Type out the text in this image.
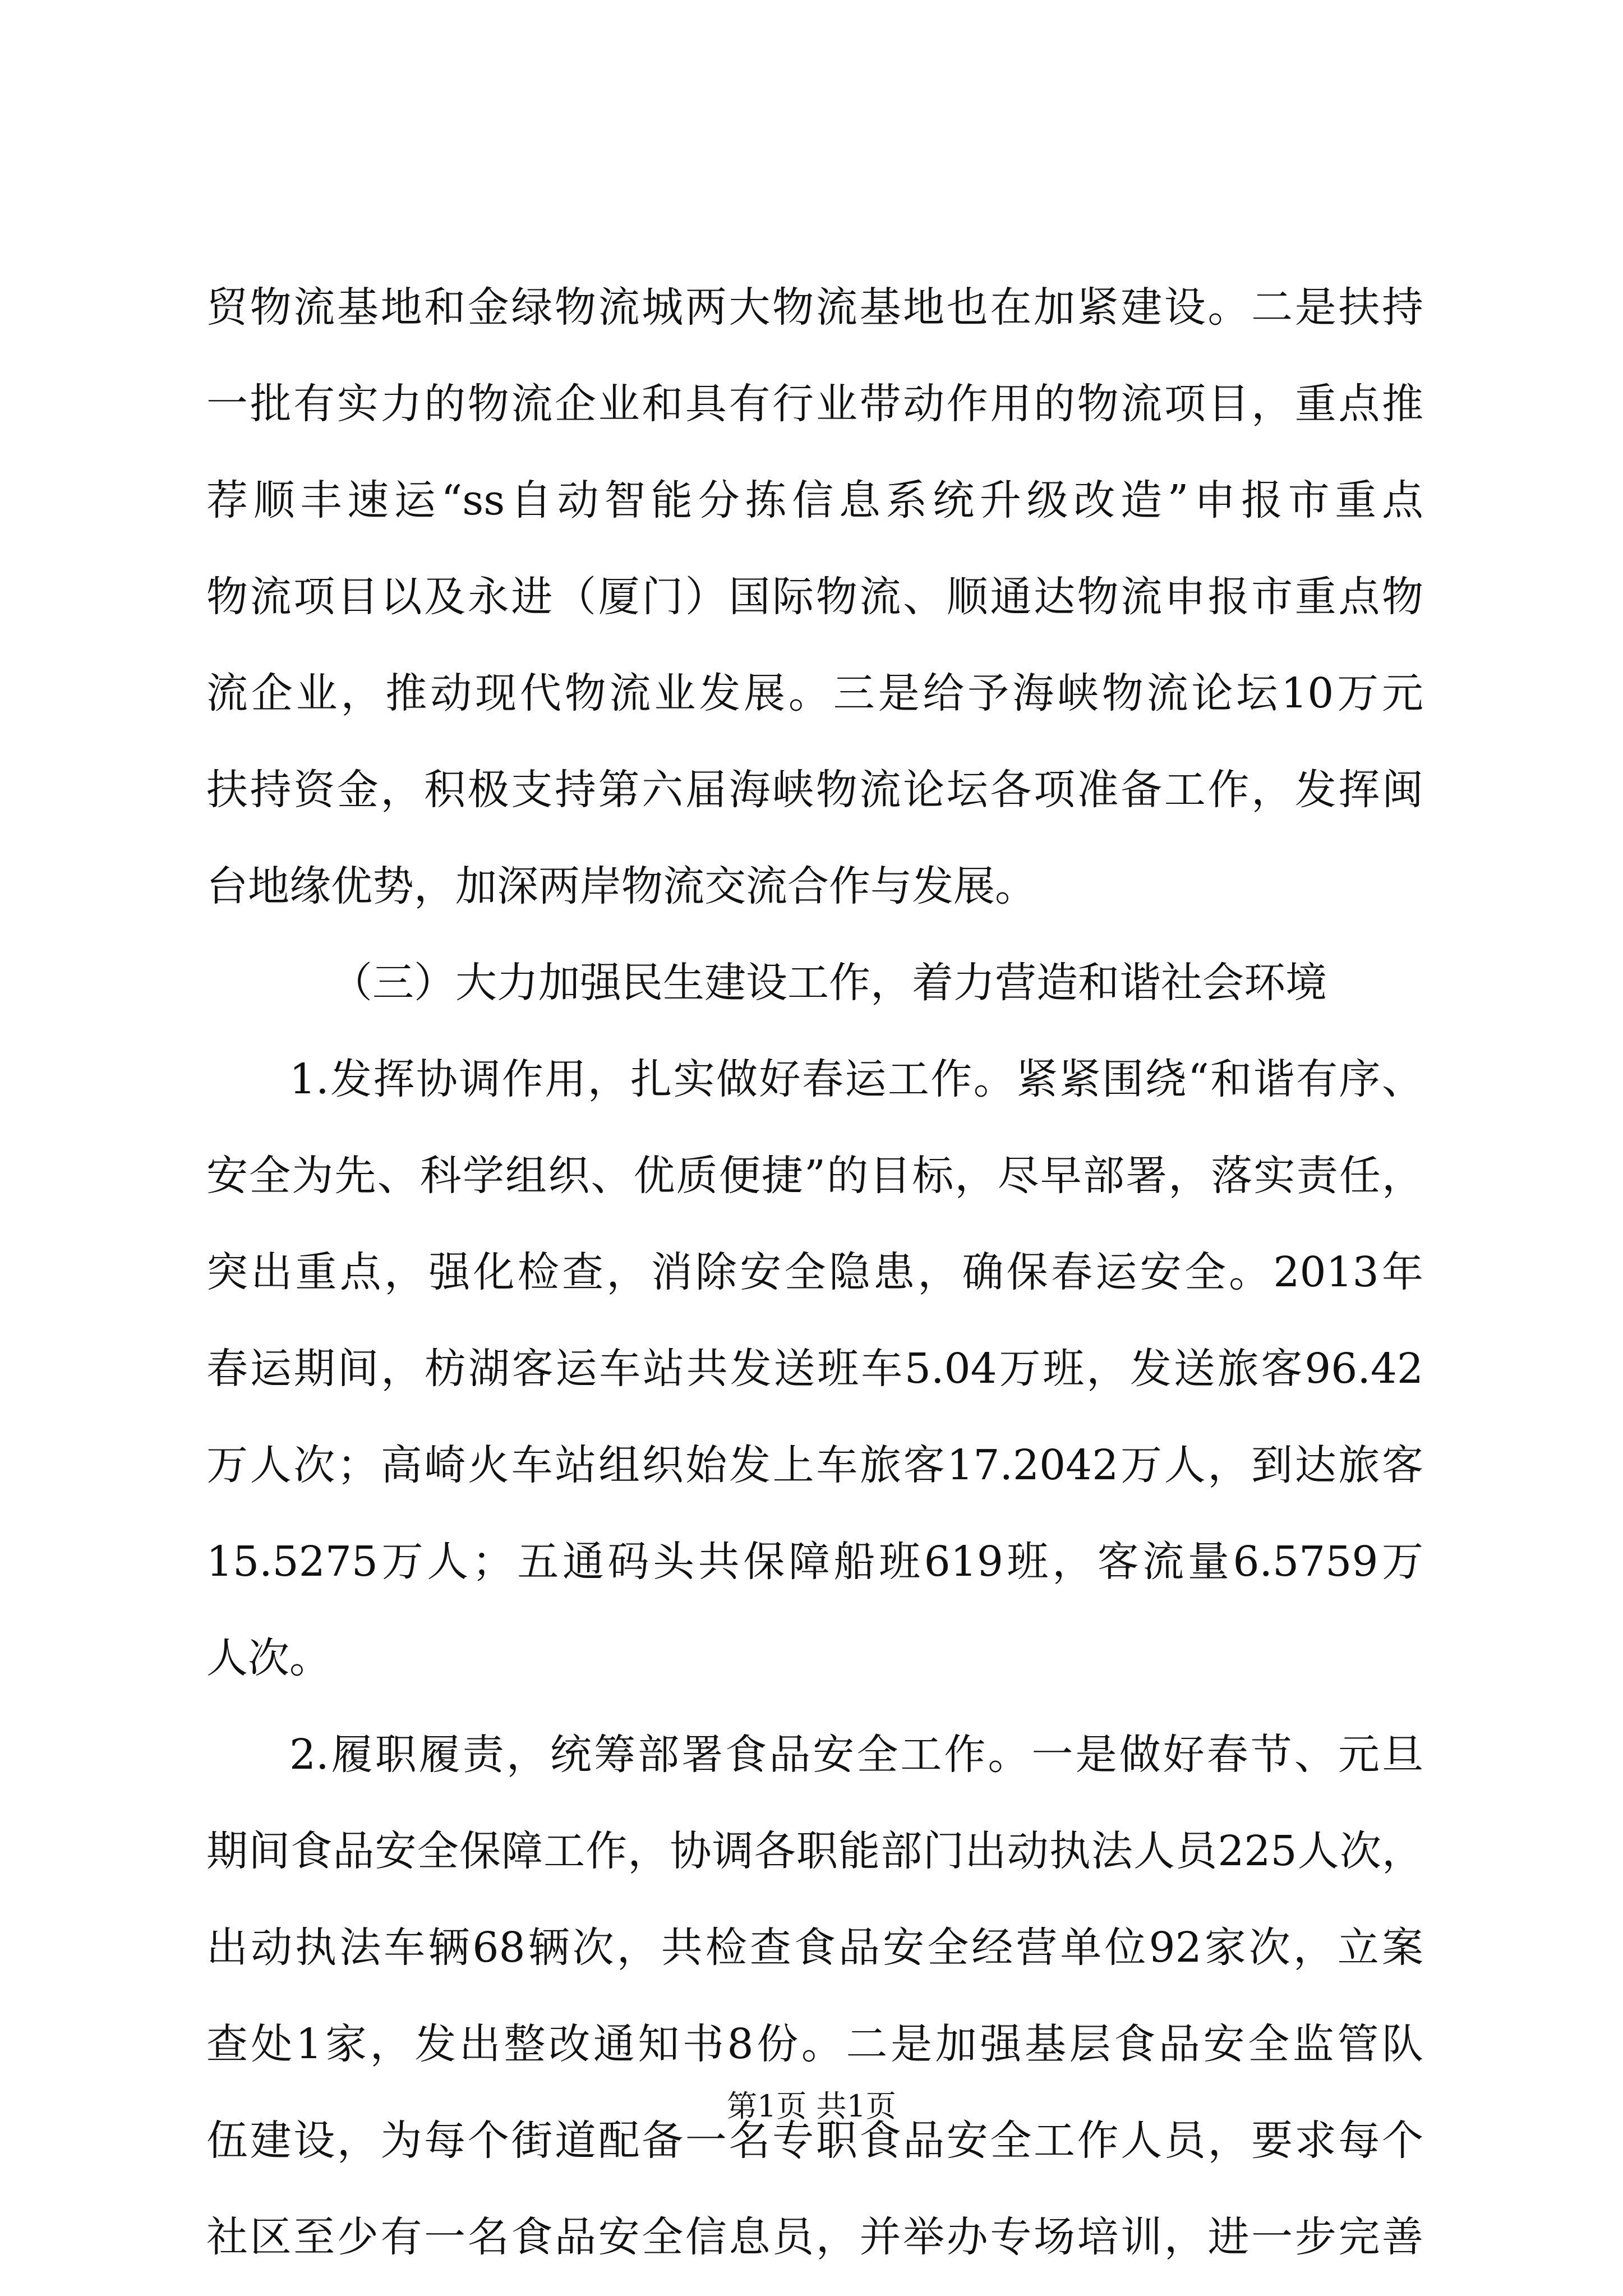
贸物流基地和金绿物流城两大物流基地也在加紧建设。二是扶持
一批有实力的物流企业和具有行业带动作用的物流项目，重点推
荐顺丰速运“ss自动智能分拣信息系统升级改造”申报市重点
物流项目以及永进（厦门）国际物流、顺通达物流申报市重点物
流企业，推动现代物流业发展。三是给予海峡物流论坛10万元
扶持资金，积极支持第六届海峡物流论坛各项准备工作，发挥闽
台地缘优势，加深两岸物流交流合作与发展。
（三）大力加强民生建设工作，着力营造和谐社会环境
1.发挥协调作用，扎实做好春运工作。紧紧围绕“和谐有序、
安全为先、科学组织、优质便捷”的目标，尽早部署，落实责任，
突出重点，强化检查，消除安全隐患，确保春运安全。2013年
春运期间，枋湖客运车站共发送班车5.04万班，发送旅客96.42
万人次；高崎火车站组织始发上车旅客17.2042万人，到达旅客
15.5275万人；五通码头共保障船班619班，客流量6.5759万
人次。
2.履职履责，统筹部署食品安全工作。一是做好春节、元旦
期间食品安全保障工作，协调各职能部门出动执法人员225人次，
出动执法车辆68辆次，共检查食品安全经营单位92家次，立案
查处1家，发出整改通知书8份。二是加强基层食品安全监管队
伍建设，为每个街道配备一名专职食品安全工作人员，要求每个
社区至少有一名食品安全信息员，并举办专场培训，进一步完善
第1页 共1页
